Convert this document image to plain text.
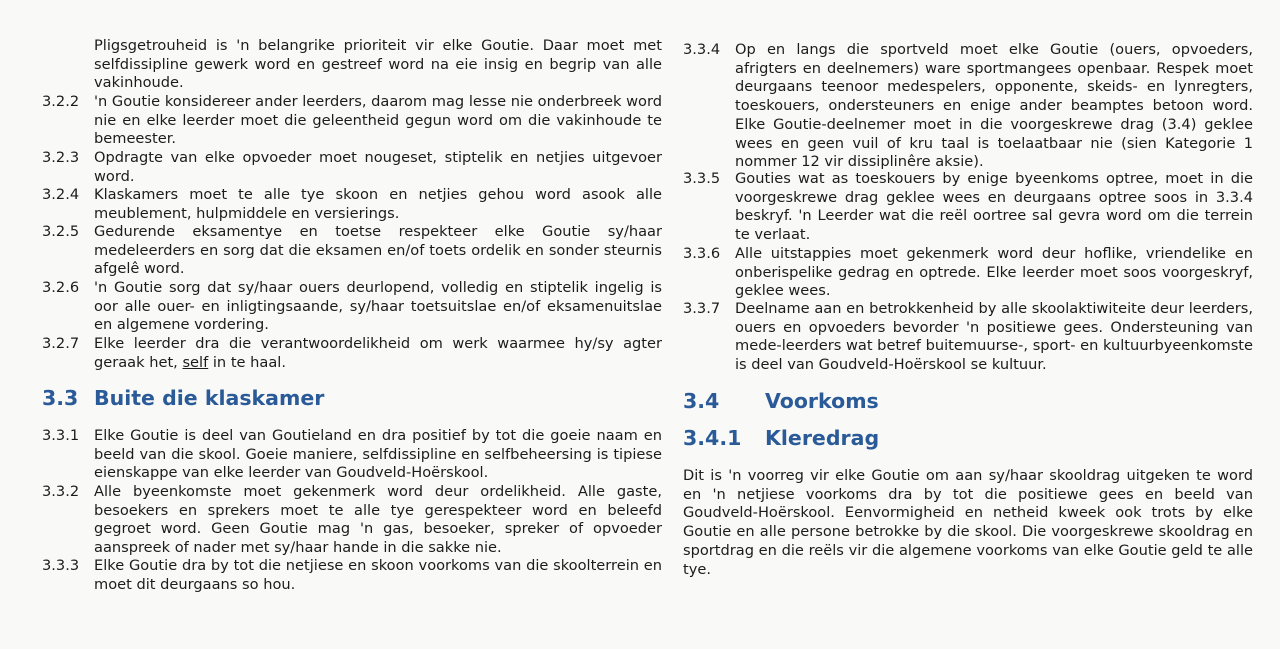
Pligsgetrouheid is 'n belangrike prioriteit vir elke Goutie. Daar moet met selfdissipline gewerk word en gestreef word na eie insig en begrip van alle vakinhoude.
3.2.2 'n Goutie konsidereer ander leerders, daarom mag lesse nie onderbreek word nie en elke leerder moet die geleentheid gegun word om die vakinhoude te bemeester.
3.2.3 Opdragte van elke opvoeder moet nougeset, stiptelik en netjies uitgevoer word.
3.2.4 Klaskamers moet te alle tye skoon en netjies gehou word asook alle meublement, hulpmiddele en versierings.
3.2.5 Gedurende eksamentye en toetse respekteer elke Goutie sy/haar medeleerders en sorg dat die eksamen en/of toets ordelik en sonder steurnis afgelê word.
3.2.6 'n Goutie sorg dat sy/haar ouers deurlopend, volledig en stiptelik ingelig is oor alle ouer- en inligtingsaande, sy/haar toetsuitslae en/of eksamenuitslae en algemene vordering.
3.2.7 Elke leerder dra die verantwoordelikheid om werk waarmee hy/sy agter geraak het, self in te haal.
3.3 Buite die klaskamer
3.3.1 Elke Goutie is deel van Goutieland en dra positief by tot die goeie naam en beeld van die skool. Goeie maniere, selfdissipline en selfbeheersing is tipiese eienskappe van elke leerder van Goudveld-Hoërskool.
3.3.2 Alle byeenkomste moet gekenmerk word deur ordelikheid. Alle gaste, besoekers en sprekers moet te alle tye gerespekteer word en beleefd gegroet word. Geen Goutie mag 'n gas, besoeker, spreker of opvoeder aanspreek of nader met sy/haar hande in die sakke nie.
3.3.3 Elke Goutie dra by tot die netjiese en skoon voorkoms van die skoolterrein en moet dit deurgaans so hou.
3.3.4 Op en langs die sportveld moet elke Goutie (ouers, opvoeders, afrigters en deelnemers) ware sportmangees openbaar. Respek moet deurgaans teenoor medespelers, opponente, skeids- en lynregters, toeskouers, ondersteuners en enige ander beamptes betoon word. Elke Goutie-deelnemer moet in die voorgeskrewe drag (3.4) geklee wees en geen vuil of kru taal is toelaatbaar nie (sien Kategorie 1 nommer 12 vir dissiplinêre aksie).
3.3.5 Gouties wat as toeskouers by enige byeenkoms optree, moet in die voorgeskrewe drag geklee wees en deurgaans optree soos in 3.3.4 beskryf. 'n Leerder wat die reël oortree sal gevra word om die terrein te verlaat.
3.3.6 Alle uitstappies moet gekenmerk word deur hoflike, vriendelike en onberispelike gedrag en optrede. Elke leerder moet soos voorgeskryf, geklee wees.
3.3.7 Deelname aan en betrokkenheid by alle skoolaktiwiteite deur leerders, ouers en opvoeders bevorder 'n positiewe gees. Ondersteuning van mede-leerders wat betref buitemuurse-, sport- en kultuurbyeenkomste is deel van Goudveld-Hoërskool se kultuur.
3.4 Voorkoms
3.4.1 Kleredrag
Dit is 'n voorreg vir elke Goutie om aan sy/haar skooldrag uitgeken te word en 'n netjiese voorkoms dra by tot die positiewe gees en beeld van Goudveld-Hoërskool. Eenvormigheid en netheid kweek ook trots by elke Goutie en alle persone betrokke by die skool. Die voorgeskrewe skooldrag en sportdrag en die reëls vir die algemene voorkoms van elke Goutie geld te alle tye.
